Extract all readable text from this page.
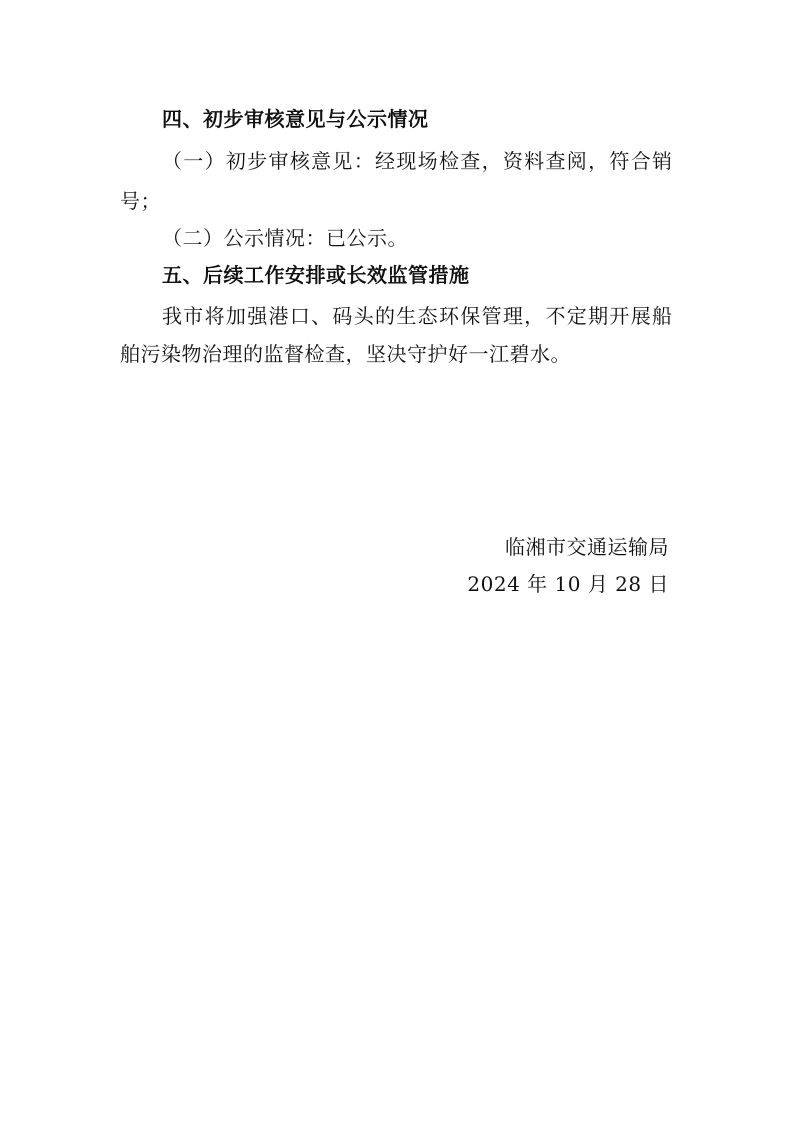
四、初步审核意见与公示情况
（一）初步审核意见：经现场检查，资料查阅，符合销
号；
（二）公示情况：已公示。
五、后续工作安排或长效监管措施
我市将加强港口、码头的生态环保管理，不定期开展船
舶污染物治理的监督检查，坚决守护好一江碧水。
临湘市交通运输局
2024 年 10 月 28 日
